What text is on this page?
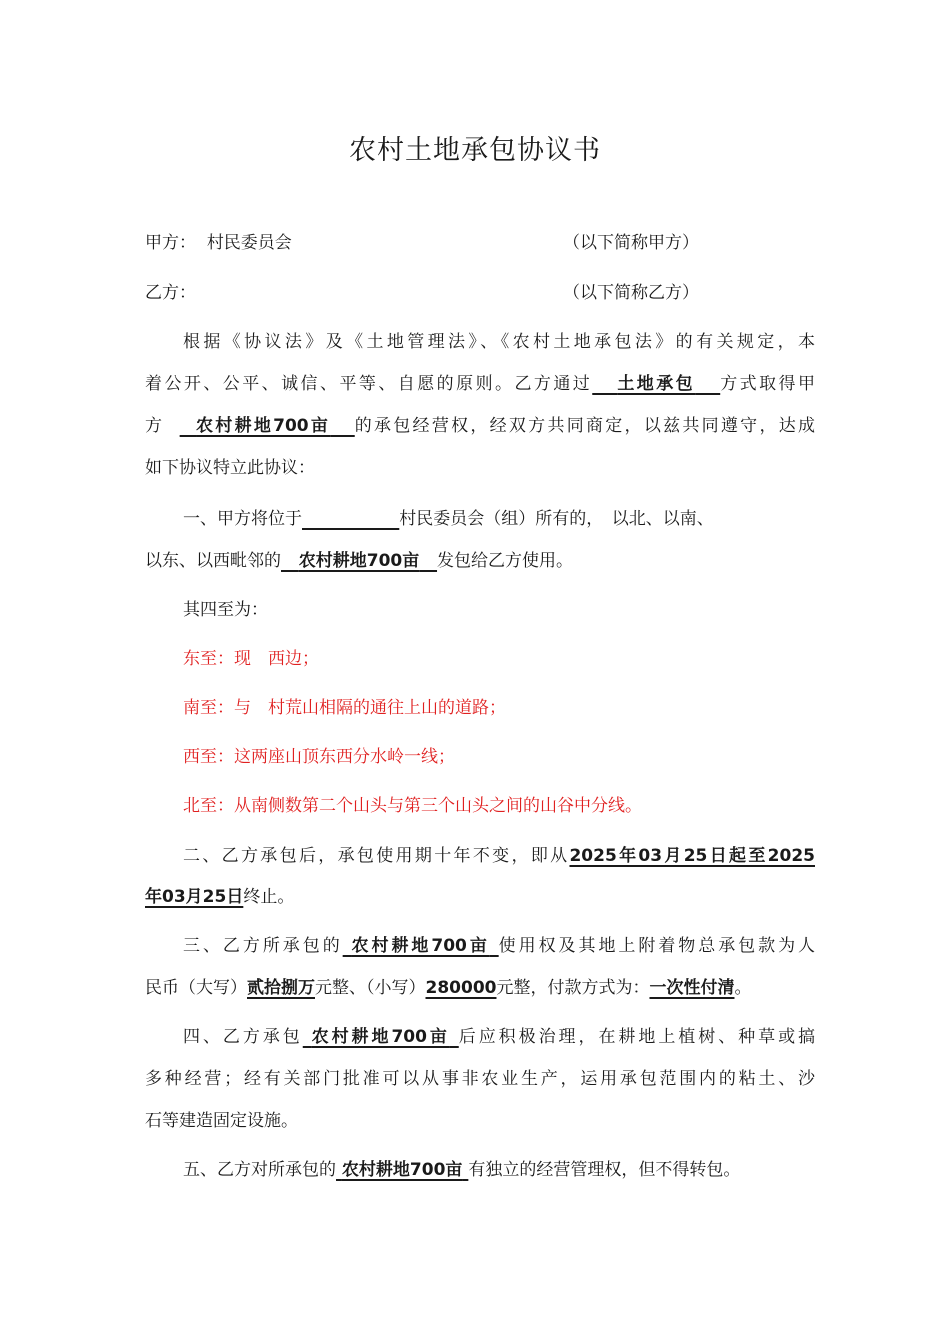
农村土地承包协议书
甲方： 村民委员会	（以下简称甲方）
乙方：	（以下简称乙方）
根据《协议法》及《土地管理法》、《农村土地承包法》的有关规定，本
着公开、公平、诚信、平等、自愿的原则。乙方通过 土地承包 方式取得甲
方 农村耕地700亩 的承包经营权，经双方共同商定，以兹共同遵守，达成
如下协议特立此协议：
一、甲方将位于	村民委员会（组）所有的，　以北、以南、
以东、以西毗邻的 农村耕地700亩 发包给乙方使用。
其四至为：
东至：现　西边；
南至：与　村荒山相隔的通往上山的道路；
西至：这两座山顶东西分水岭一线；
北至：从南侧数第二个山头与第三个山头之间的山谷中分线。
二、乙方承包后，承包使用期十年不变，即从2025年03月25日起至2025
年03月25日终止。
三、乙方所承包的 农村耕地700亩 使用权及其地上附着物总承包款为人
民币（大写）贰拾捌万元整、（小写）280000元整，付款方式为：一次性付清。
四、乙方承包 农村耕地700亩 后应积极治理，在耕地上植树、种草或搞
多种经营；经有关部门批准可以从事非农业生产，运用承包范围内的粘土、沙
石等建造固定设施。
五、乙方对所承包的 农村耕地700亩 有独立的经营管理权，但不得转包。
